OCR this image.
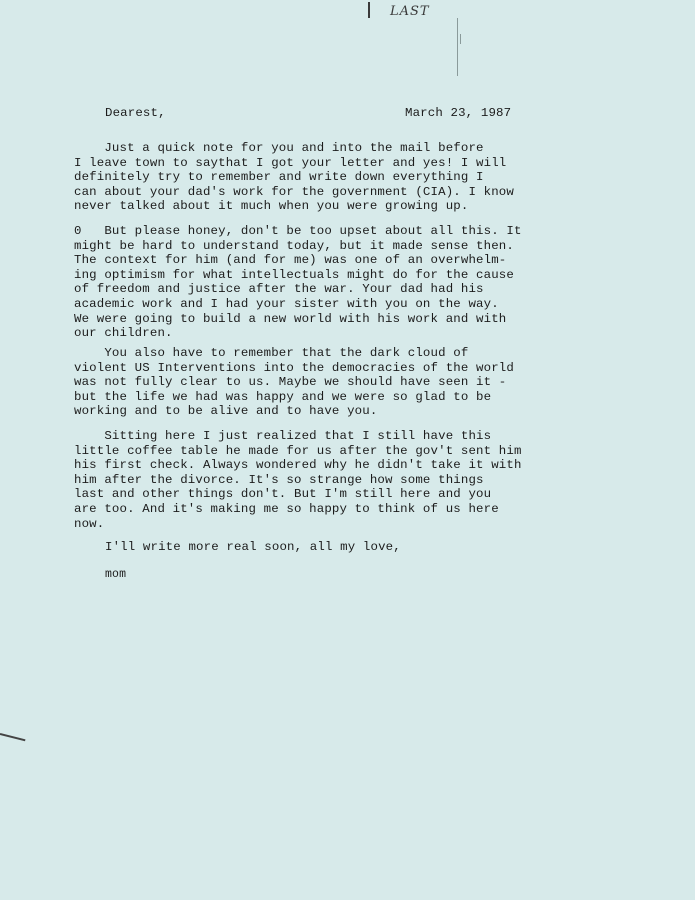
LAST
Dearest,	March 23, 1987

Just a quick note for you and into the mail before
I leave town to saythat I got your letter and yes! I will
definitely try to remember and write down everything I
can about your dad's work for the government (CIA). I know
never talked about it much when you were growing up.

0   But please honey, don't be too upset about all this. It
might be hard to understand today, but it made sense then.
The context for him (and for me) was one of an overwhelm-
ing optimism for what intellectuals might do for the cause
of freedom and justice after the war. Your dad had his
academic work and I had your sister with you on the way.
We were going to build a new world with his work and with
our children.

You also have to remember that the dark cloud of
violent US Interventions into the democracies of the world
was not fully clear to us. Maybe we should have seen it -
but the life we had was happy and we were so glad to be
working and to be alive and to have you.

Sitting here I just realized that I still have this
little coffee table he made for us after the gov't sent him
his first check. Always wondered why he didn't take it with
him after the divorce. It's so strange how some things
last and other things don't. But I'm still here and you
are too. And it's making me so happy to think of us here
now.

I'll write more real soon, all my love,
mom
